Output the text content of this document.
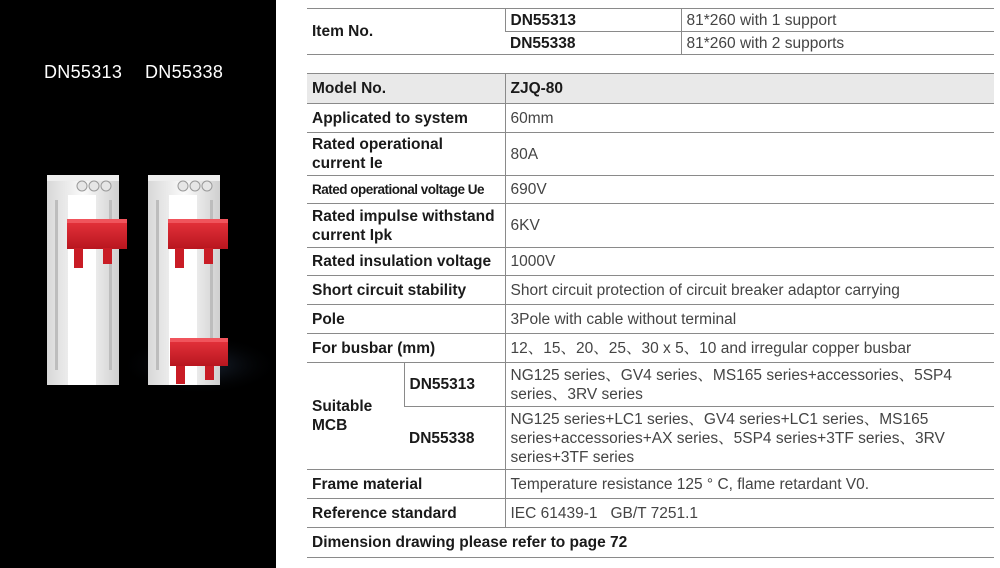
DN55313 DN55338
Item No.	DN55313	81*260 with 1 support
	DN55338	81*260 with 2 supports
Model No.		ZJQ-80
Applicated to system		60mm
Rated operational current Ie		80A
Rated operational voltage Ue		690V
Rated impulse withstand current Ipk		6KV
Rated insulation voltage		1000V
Short circuit stability		Short circuit protection of circuit breaker adaptor carrying
Pole		3Pole with cable without terminal
For busbar (mm)		12、15、20、25、30 x 5、10 and irregular copper busbar
Suitable MCB	DN55313	NG125 series、GV4 series、MS165 series+accessories、5SP4 series、3RV series
	DN55338	NG125 series+LC1 series、GV4 series+LC1 series、MS165 series+accessories+AX series、5SP4 series+3TF series、3RV series+3TF series
Frame material		Temperature resistance 125 ° C, flame retardant V0.
Reference standard		IEC 61439-1   GB/T 7251.1
Dimension drawing please refer to page 72		
